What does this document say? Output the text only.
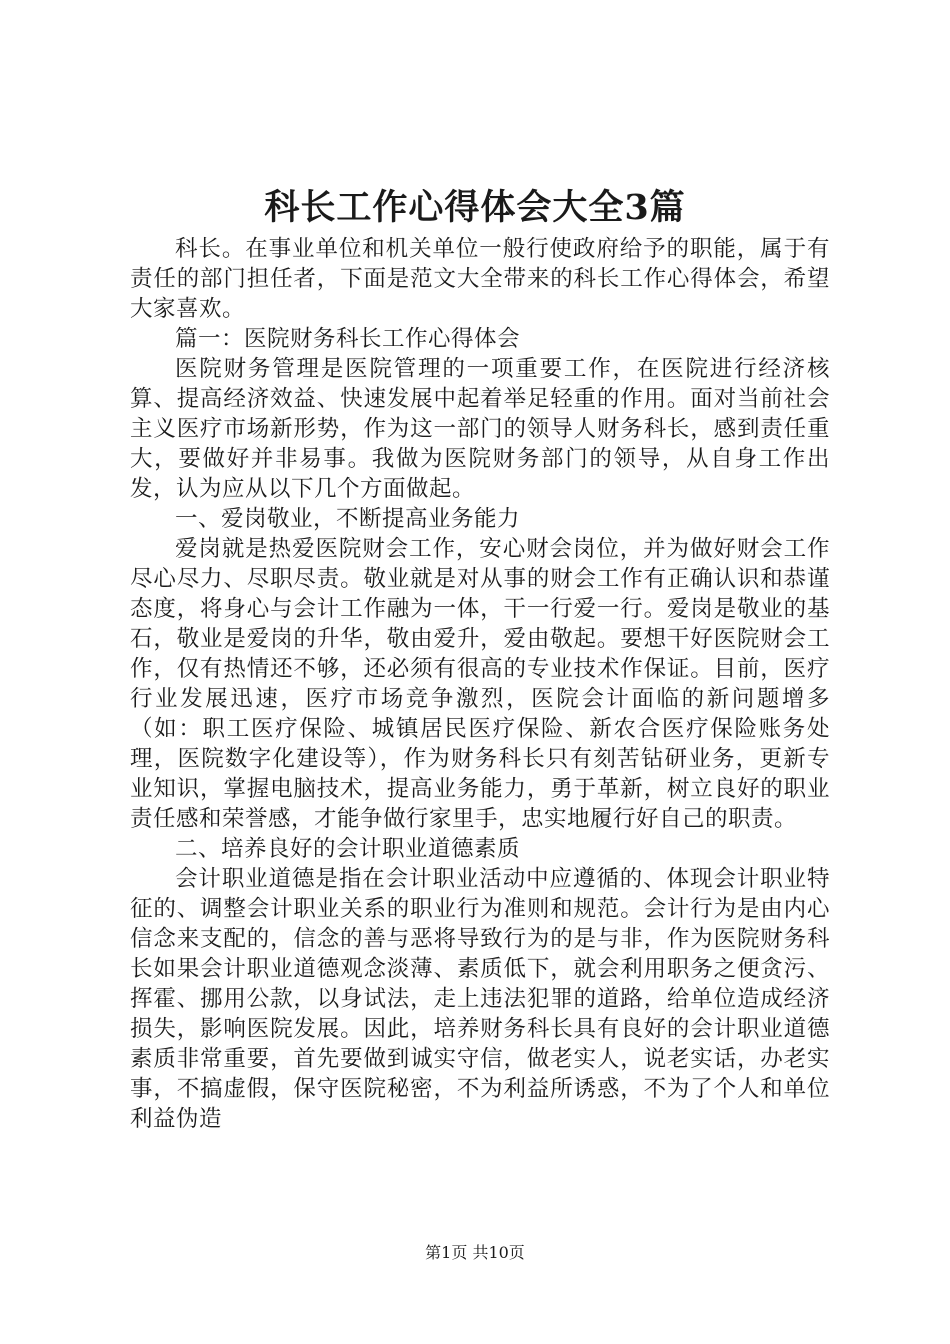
科长工作心得体会大全3篇

科长。在事业单位和机关单位一般行使政府给予的职能，属于有责任的部门担任者，下面是范文大全带来的科长工作心得体会，希望大家喜欢。

篇一：医院财务科长工作心得体会

医院财务管理是医院管理的一项重要工作，在医院进行经济核算、提高经济效益、快速发展中起着举足轻重的作用。面对当前社会主义医疗市场新形势，作为这一部门的领导人财务科长，感到责任重大，要做好并非易事。我做为医院财务部门的领导，从自身工作出发，认为应从以下几个方面做起。

一、爱岗敬业，不断提高业务能力

爱岗就是热爱医院财会工作，安心财会岗位，并为做好财会工作尽心尽力、尽职尽责。敬业就是对从事的财会工作有正确认识和恭谨态度，将身心与会计工作融为一体，干一行爱一行。爱岗是敬业的基石，敬业是爱岗的升华，敬由爱升，爱由敬起。要想干好医院财会工作，仅有热情还不够，还必须有很高的专业技术作保证。目前，医疗行业发展迅速，医疗市场竞争激烈，医院会计面临的新问题增多（如：职工医疗保险、城镇居民医疗保险、新农合医疗保险账务处理，医院数字化建设等），作为财务科长只有刻苦钻研业务，更新专业知识，掌握电脑技术，提高业务能力，勇于革新，树立良好的职业责任感和荣誉感，才能争做行家里手，忠实地履行好自己的职责。

二、培养良好的会计职业道德素质

会计职业道德是指在会计职业活动中应遵循的、体现会计职业特征的、调整会计职业关系的职业行为准则和规范。会计行为是由内心信念来支配的，信念的善与恶将导致行为的是与非，作为医院财务科长如果会计职业道德观念淡薄、素质低下，就会利用职务之便贪污、挥霍、挪用公款，以身试法，走上违法犯罪的道路，给单位造成经济损失，影响医院发展。因此，培养财务科长具有良好的会计职业道德素质非常重要，首先要做到诚实守信，做老实人，说老实话，办老实事，不搞虚假，保守医院秘密，不为利益所诱惑，不为了个人和单位利益伪造

第1页 共10页
